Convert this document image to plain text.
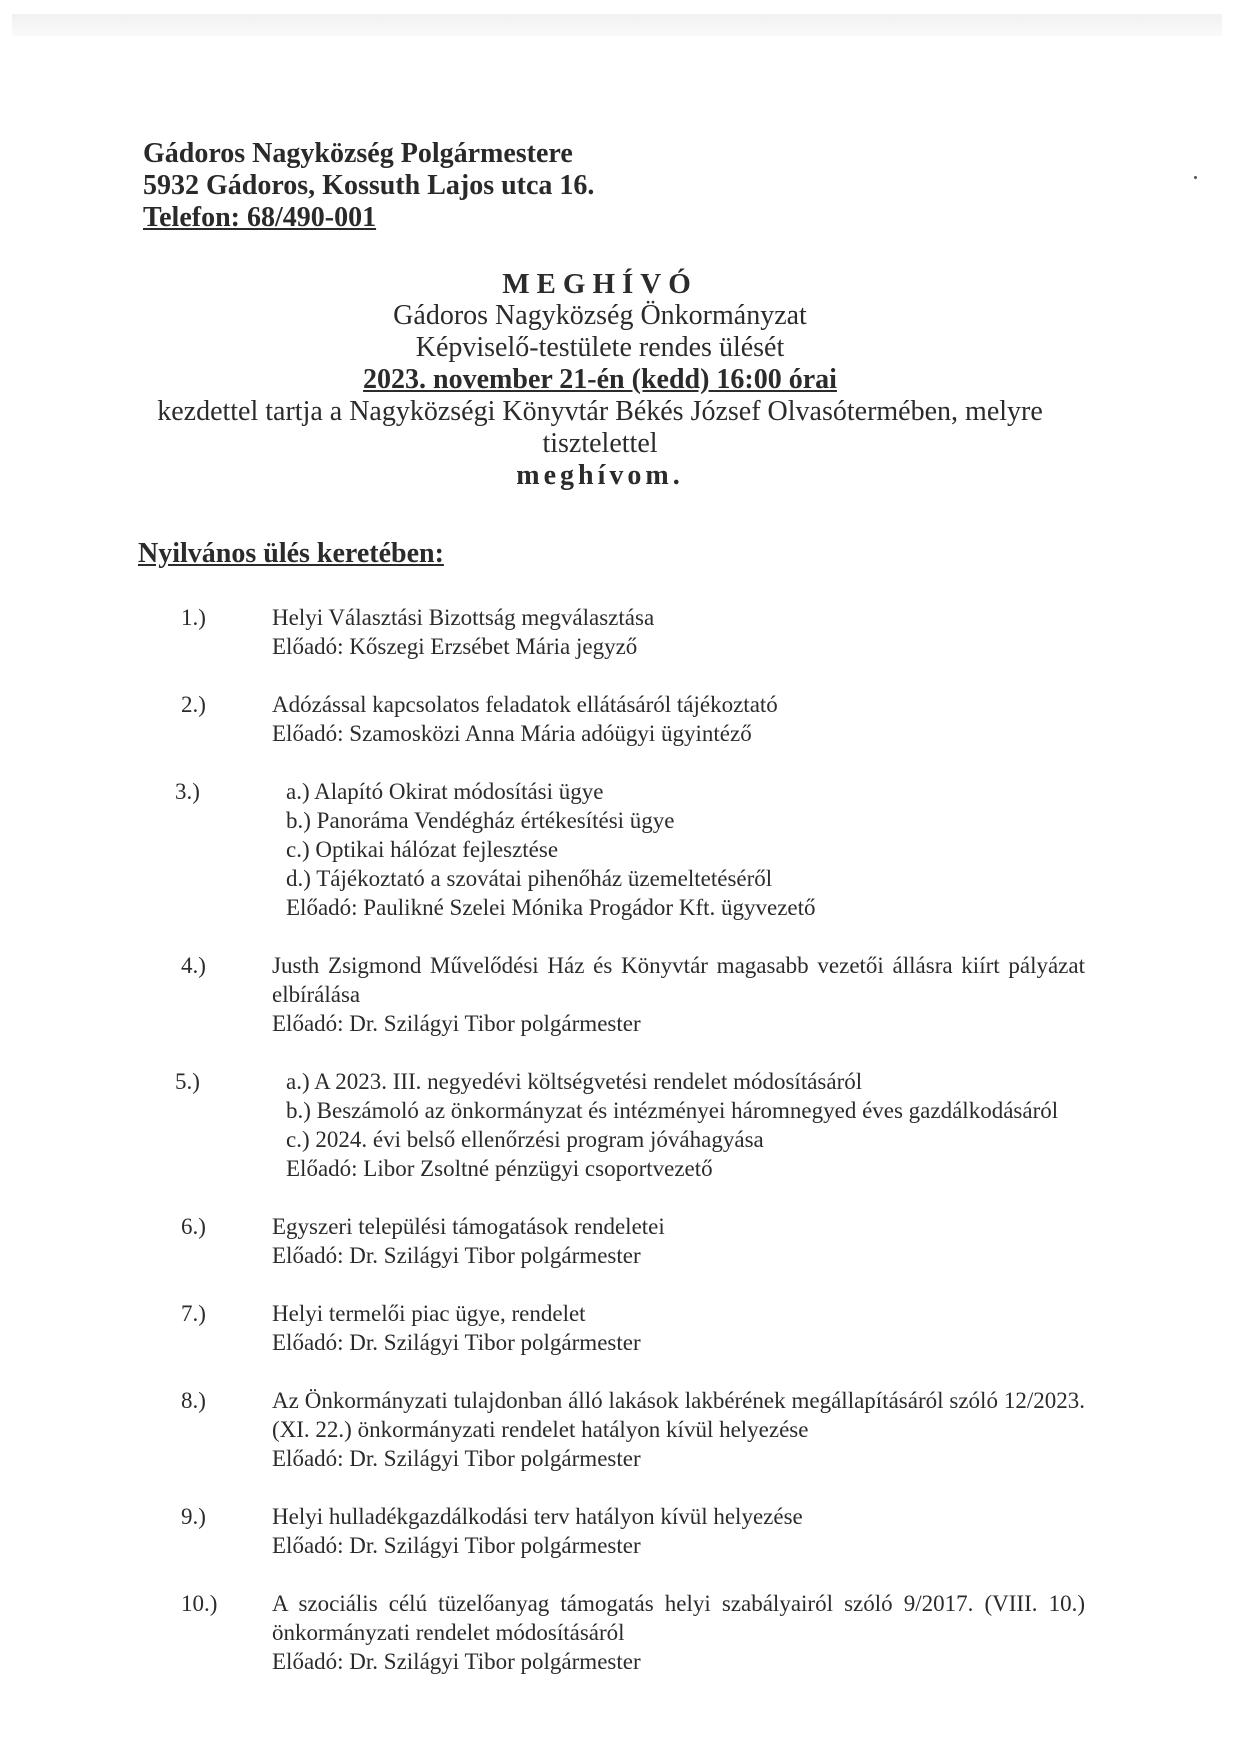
Gádoros Nagyközség Polgármestere
5932 Gádoros, Kossuth Lajos utca 16.
Telefon: 68/490-001
MEGHÍVÓ
Gádoros Nagyközség Önkormányzat
Képviselő-testülete rendes ülését
2023. november 21-én (kedd) 16:00 órai
kezdettel tartja a Nagyközségi Könyvtár Békés József Olvasótermében, melyre
tisztelettel
meghívom.
Nyilvános ülés keretében:
1.)	Helyi Választási Bizottság megválasztása
Előadó: Kőszegi Erzsébet Mária jegyző
2.)	Adózással kapcsolatos feladatok ellátásáról tájékoztató
Előadó: Szamosközi Anna Mária adóügyi ügyintéző
3.)	a.) Alapító Okirat módosítási ügye
b.) Panoráma Vendégház értékesítési ügye
c.) Optikai hálózat fejlesztése
d.) Tájékoztató a szovátai pihenőház üzemeltetéséről
Előadó: Paulikné Szelei Mónika Progádor Kft. ügyvezető
4.)	Justh Zsigmond Művelődési Ház és Könyvtár magasabb vezetői állásra kiírt pályázat elbírálása
Előadó: Dr. Szilágyi Tibor polgármester
5.)	a.) A 2023. III. negyedévi költségvetési rendelet módosításáról
b.) Beszámoló az önkormányzat és intézményei háromnegyed éves gazdálkodásáról
c.) 2024. évi belső ellenőrzési program jóváhagyása
Előadó: Libor Zsoltné pénzügyi csoportvezető
6.)	Egyszeri települési támogatások rendeletei
Előadó: Dr. Szilágyi Tibor polgármester
7.)	Helyi termelői piac ügye, rendelet
Előadó: Dr. Szilágyi Tibor polgármester
8.)	Az Önkormányzati tulajdonban álló lakások lakbérének megállapításáról szóló 12/2023. (XI. 22.) önkormányzati rendelet hatályon kívül helyezése
Előadó: Dr. Szilágyi Tibor polgármester
9.)	Helyi hulladékgazdálkodási terv hatályon kívül helyezése
Előadó: Dr. Szilágyi Tibor polgármester
10.)	A szociális célú tüzelőanyag támogatás helyi szabályairól szóló 9/2017. (VIII. 10.) önkormányzati rendelet módosításáról
Előadó: Dr. Szilágyi Tibor polgármester
